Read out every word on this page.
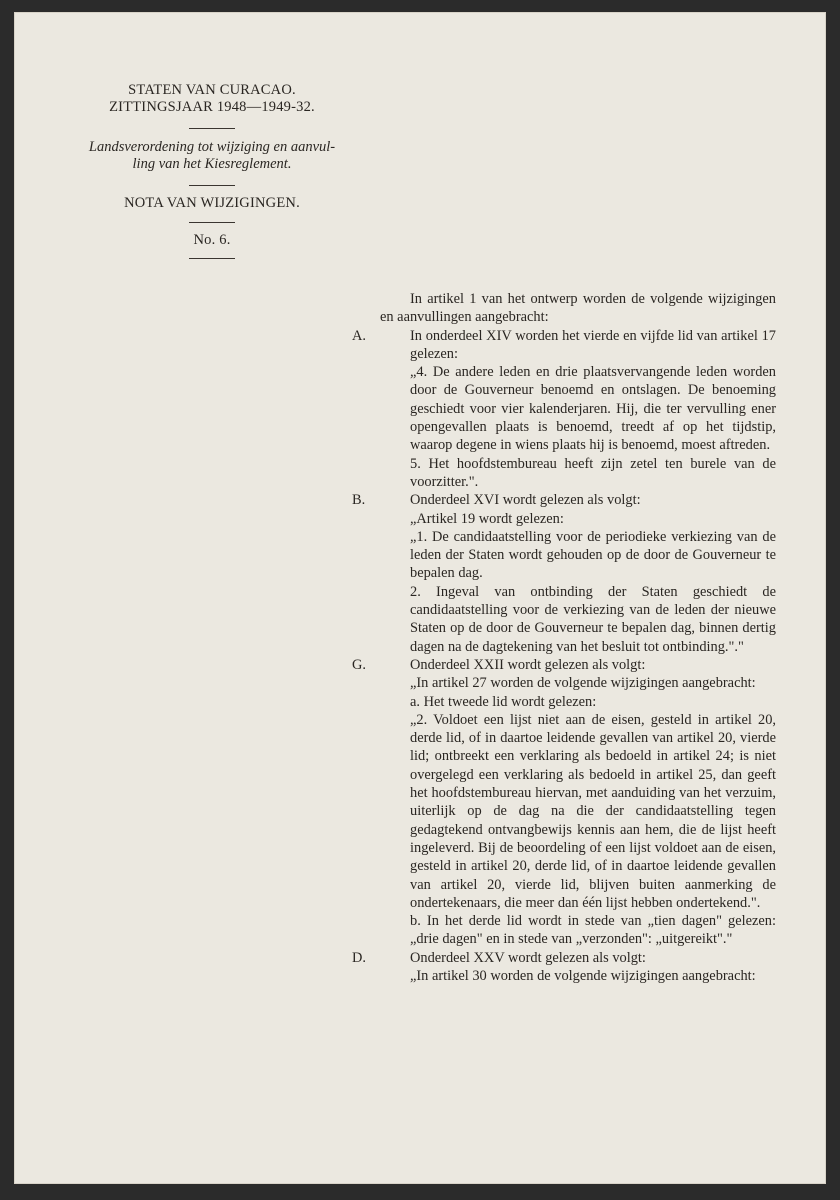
STATEN VAN CURACAO.
ZITTINGSJAAR 1948—1949-32.
Landsverordening tot wijziging en aanvul-
ling van het Kiesreglement.
NOTA VAN WIJZIGINGEN.
No. 6.
In artikel 1 van het ontwerp worden de volgende wijzigingen en aanvullingen aangebracht:
A.	In onderdeel XIV worden het vierde en vijfde lid van artikel 17 gelezen:
„4. De andere leden en drie plaatsvervangende leden worden door de Gouverneur benoemd en ontslagen. De benoeming geschiedt voor vier kalenderjaren. Hij, die ter vervulling ener opengevallen plaats is benoemd, treedt af op het tijdstip, waarop degene in wiens plaats hij is benoemd, moest aftreden.
5. Het hoofdstembureau heeft zijn zetel ten burele van de voorzitter.".
B.	Onderdeel XVI wordt gelezen als volgt:
„Artikel 19 wordt gelezen:
„1. De candidaatstelling voor de periodieke verkiezing van de leden der Staten wordt gehouden op de door de Gouverneur te bepalen dag.
2. Ingeval van ontbinding der Staten geschiedt de candidaatstelling voor de verkiezing van de leden der nieuwe Staten op de door de Gouverneur te bepalen dag, binnen dertig dagen na de dagtekening van het besluit tot ontbinding."."
G.	Onderdeel XXII wordt gelezen als volgt:
„In artikel 27 worden de volgende wijzigingen aangebracht:
a. Het tweede lid wordt gelezen:
„2. Voldoet een lijst niet aan de eisen, gesteld in artikel 20, derde lid, of in daartoe leidende gevallen van artikel 20, vierde lid; ontbreekt een verklaring als bedoeld in artikel 24; is niet overgelegd een verklaring als bedoeld in artikel 25, dan geeft het hoofdstembureau hiervan, met aanduiding van het verzuim, uiterlijk op de dag na die der candidaatstelling tegen gedagtekend ontvangbewijs kennis aan hem, die de lijst heeft ingeleverd. Bij de beoordeling of een lijst voldoet aan de eisen, gesteld in artikel 20, derde lid, of in daartoe leidende gevallen van artikel 20, vierde lid, blijven buiten aanmerking de ondertekenaars, die meer dan één lijst hebben ondertekend.".
b. In het derde lid wordt in stede van „tien dagen" gelezen: „drie dagen" en in stede van „verzonden": „uitgereikt"."
D.	Onderdeel XXV wordt gelezen als volgt:
„In artikel 30 worden de volgende wijzigingen aangebracht:
